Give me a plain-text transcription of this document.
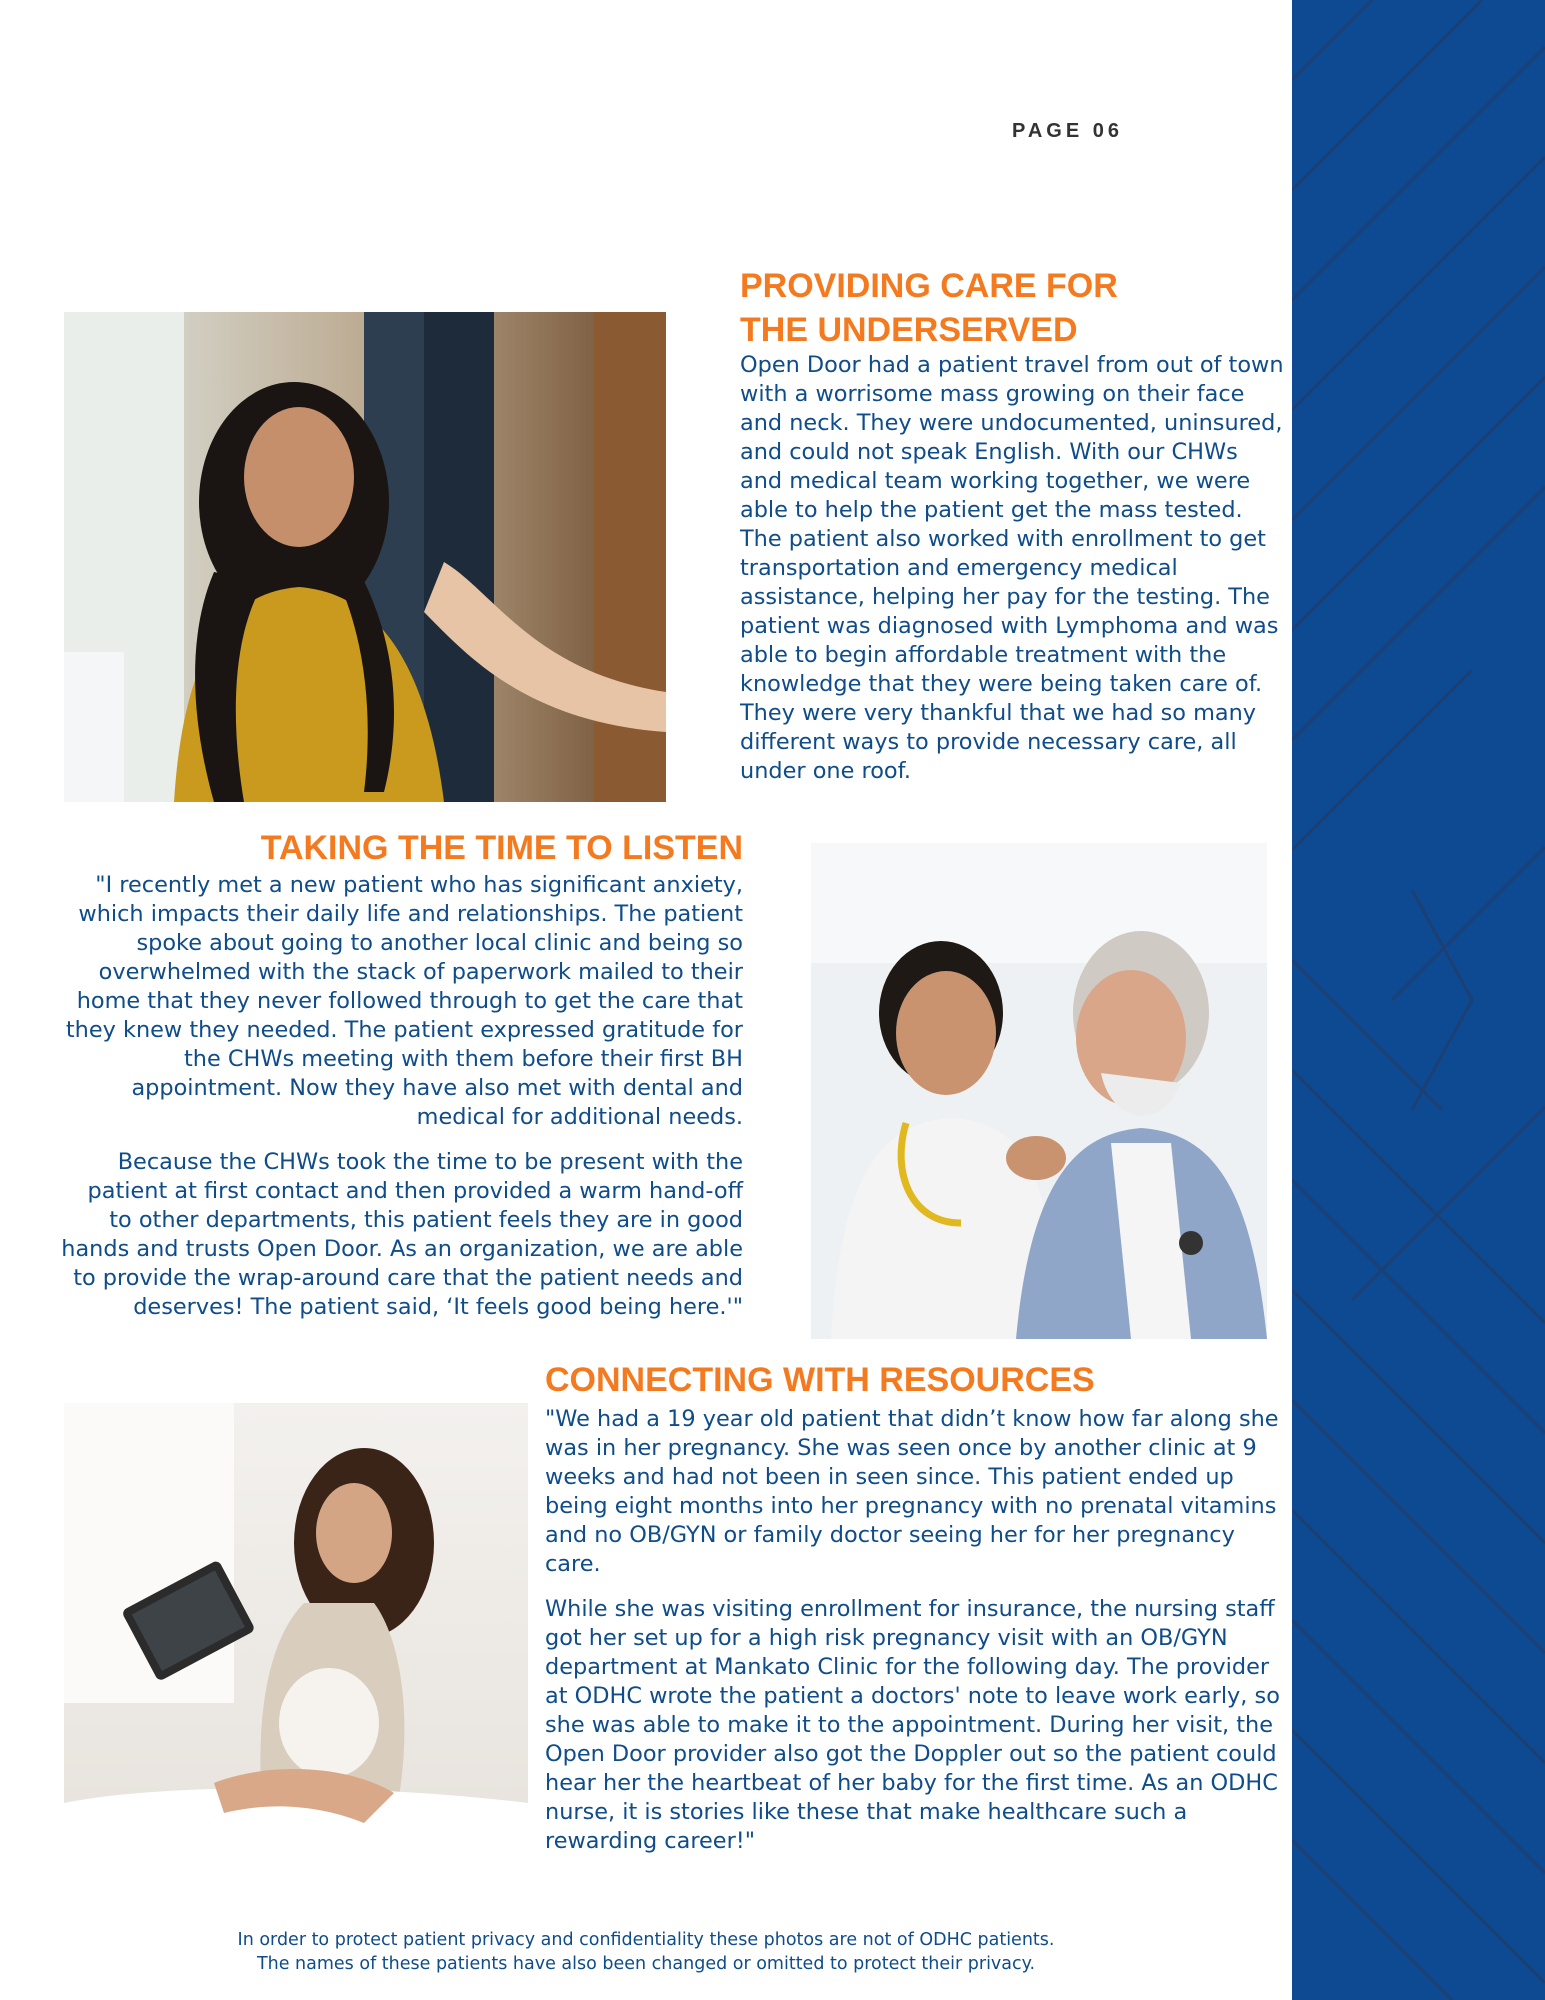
PAGE 06
PROVIDING CARE FOR
THE UNDERSERVED

Open Door had a patient travel from out of town with a worrisome mass growing on their face and neck. They were undocumented, uninsured, and could not speak English. With our CHWs and medical team working together, we were able to help the patient get the mass tested. The patient also worked with enrollment to get transportation and emergency medical assistance, helping her pay for the testing. The patient was diagnosed with Lymphoma and was able to begin affordable treatment with the knowledge that they were being taken care of. They were very thankful that we had so many different ways to provide necessary care, all under one roof.

TAKING THE TIME TO LISTEN

"I recently met a new patient who has significant anxiety, which impacts their daily life and relationships. The patient spoke about going to another local clinic and being so overwhelmed with the stack of paperwork mailed to their home that they never followed through to get the care that they knew they needed. The patient expressed gratitude for the CHWs meeting with them before their first BH appointment. Now they have also met with dental and medical for additional needs.

Because the CHWs took the time to be present with the patient at first contact and then provided a warm hand-off to other departments, this patient feels they are in good hands and trusts Open Door. As an organization, we are able to provide the wrap-around care that the patient needs and deserves! The patient said, ‘It feels good being here.'"

CONNECTING WITH RESOURCES

"We had a 19 year old patient that didn’t know how far along she was in her pregnancy. She was seen once by another clinic at 9 weeks and had not been in seen since. This patient ended up being eight months into her pregnancy with no prenatal vitamins and no OB/GYN or family doctor seeing her for her pregnancy care.

While she was visiting enrollment for insurance, the nursing staff got her set up for a high risk pregnancy visit with an OB/GYN department at Mankato Clinic for the following day. The provider at ODHC wrote the patient a doctors' note to leave work early, so she was able to make it to the appointment. During her visit, the Open Door provider also got the Doppler out so the patient could hear her the heartbeat of her baby for the first time. As an ODHC nurse, it is stories like these that make healthcare such a rewarding career!"

In order to protect patient privacy and confidentiality these photos are not of ODHC patients.
The names of these patients have also been changed or omitted to protect their privacy.
